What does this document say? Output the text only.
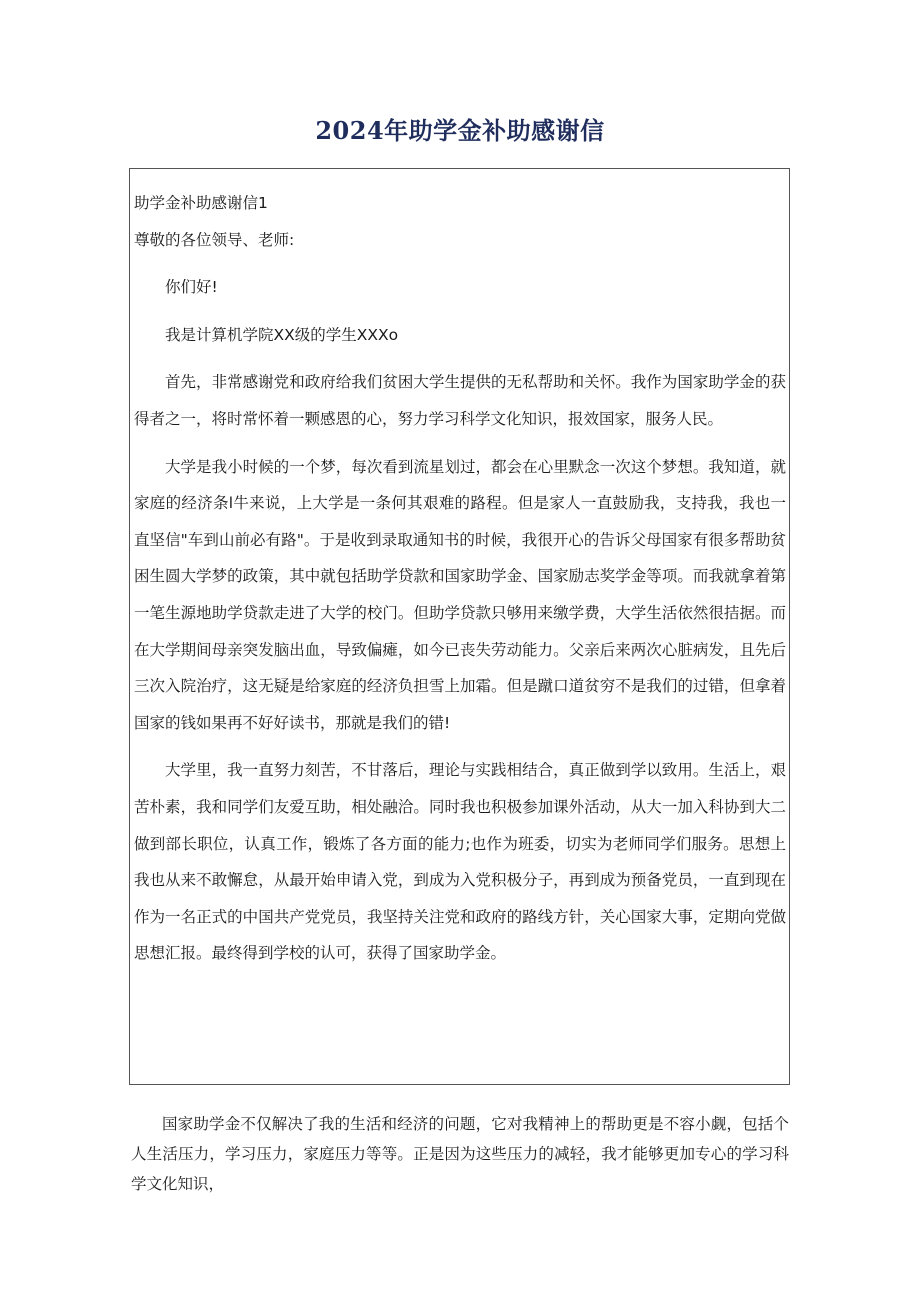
2024年助学金补助感谢信

助学金补助感谢信1

尊敬的各位领导、老师:

你们好!

我是计算机学院XX级的学生XXXo

首先，非常感谢党和政府给我们贫困大学生提供的无私帮助和关怀。我作为国家助学金的获得者之一，将时常怀着一颗感恩的心，努力学习科学文化知识，报效国家，服务人民。

大学是我小时候的一个梦，每次看到流星划过，都会在心里默念一次这个梦想。我知道，就家庭的经济条l牛来说，上大学是一条何其艰难的路程。但是家人一直鼓励我，支持我，我也一直坚信"车到山前必有路"。于是收到录取通知书的时候，我很开心的告诉父母国家有很多帮助贫困生圆大学梦的政策，其中就包括助学贷款和国家助学金、国家励志奖学金等项。而我就拿着第一笔生源地助学贷款走进了大学的校门。但助学贷款只够用来缴学费，大学生活依然很拮据。而在大学期间母亲突发脑出血，导致偏瘫，如今已丧失劳动能力。父亲后来两次心脏病发，且先后三次入院治疗，这无疑是给家庭的经济负担雪上加霜。但是蹴口道贫穷不是我们的过错，但拿着国家的钱如果再不好好读书，那就是我们的错!

大学里，我一直努力刻苦，不甘落后，理论与实践相结合，真正做到学以致用。生活上，艰苦朴素，我和同学们友爱互助，相处融洽。同时我也积极参加课外活动，从大一加入科协到大二做到部长职位，认真工作，锻炼了各方面的能力;也作为班委，切实为老师同学们服务。思想上我也从来不敢懈怠，从最开始申请入党，到成为入党积极分子，再到成为预备党员，一直到现在作为一名正式的中国共产党党员，我坚持关注党和政府的路线方针，关心国家大事，定期向党做思想汇报。最终得到学校的认可，获得了国家助学金。

国家助学金不仅解决了我的生活和经济的问题，它对我精神上的帮助更是不容小觑，包括个人生活压力，学习压力，家庭压力等等。正是因为这些压力的减轻，我才能够更加专心的学习科学文化知识，
